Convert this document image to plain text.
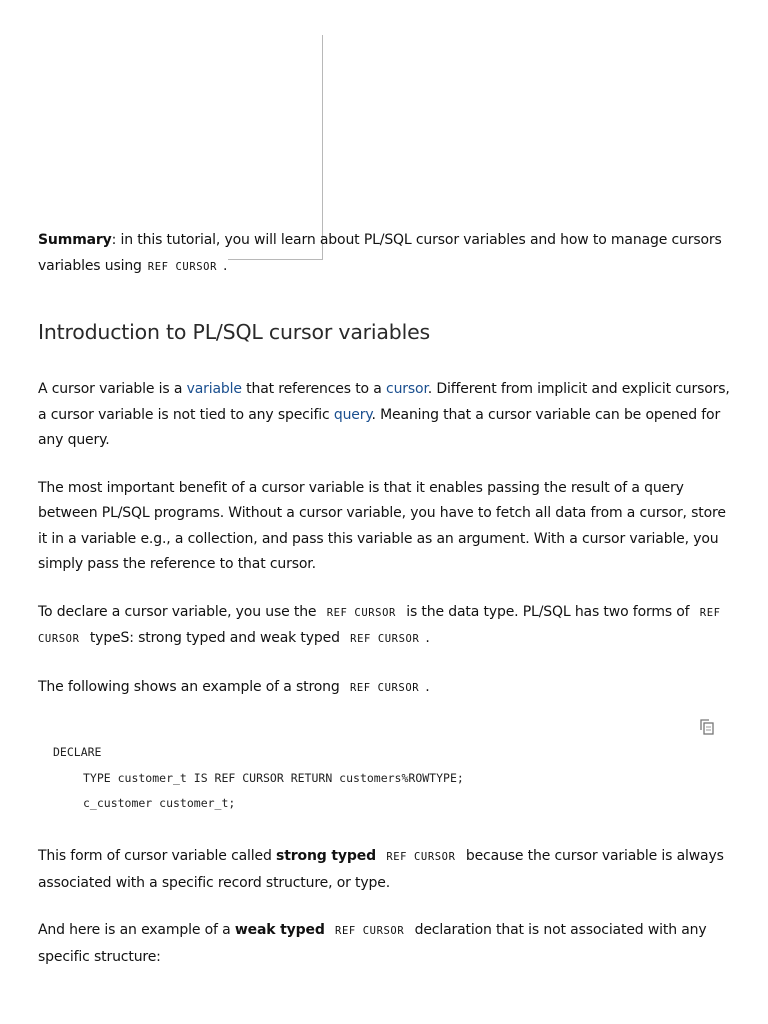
Summary: in this tutorial, you will learn about PL/SQL cursor variables and how to manage cursors variables using REF CURSOR .

Introduction to PL/SQL cursor variables

A cursor variable is a variable that references to a cursor. Different from implicit and explicit cursors, a cursor variable is not tied to any specific query. Meaning that a cursor variable can be opened for any query.

The most important benefit of a cursor variable is that it enables passing the result of a query between PL/SQL programs. Without a cursor variable, you have to fetch all data from a cursor, store it in a variable e.g., a collection, and pass this variable as an argument. With a cursor variable, you simply pass the reference to that cursor.

To declare a cursor variable, you use the REF CURSOR is the data type. PL/SQL has two forms of REF CURSOR typeS: strong typed and weak typed REF CURSOR .

The following shows an example of a strong REF CURSOR .

DECLARE
TYPE customer_t IS REF CURSOR RETURN customers%ROWTYPE;
c_customer customer_t;

This form of cursor variable called strong typed REF CURSOR because the cursor variable is always associated with a specific record structure, or type.

And here is an example of a weak typed REF CURSOR declaration that is not associated with any specific structure:
